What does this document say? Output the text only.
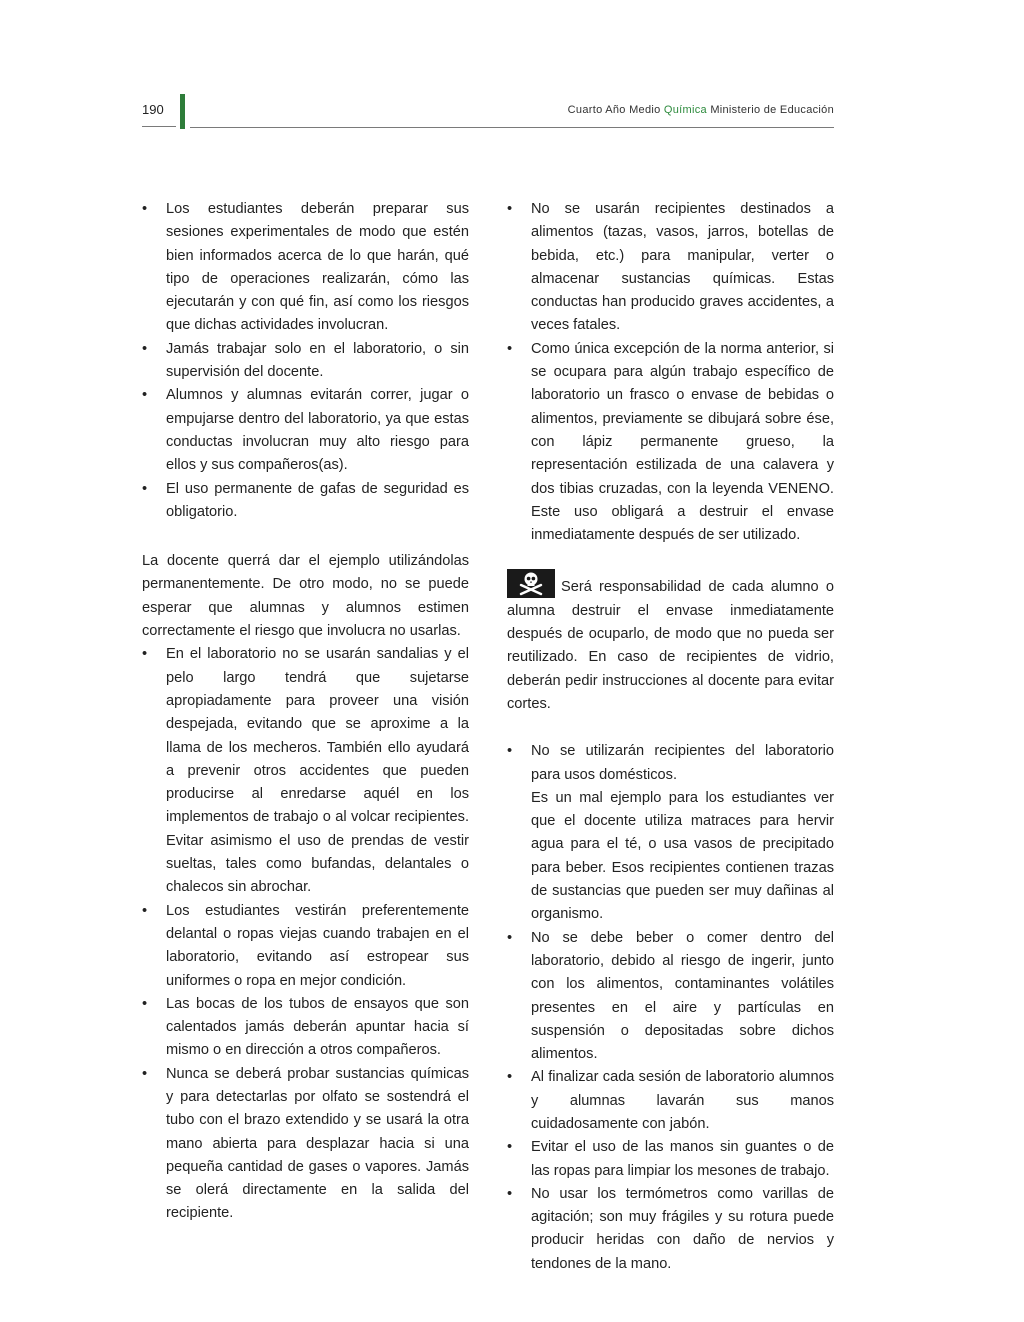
190	Cuarto Año Medio Química Ministerio de Educación
• Los estudiantes deberán preparar sus sesiones experimentales de modo que estén bien informados acerca de lo que harán, qué tipo de operaciones realizarán, cómo las ejecutarán y con qué fin, así como los riesgos que dichas actividades involucran.
• Jamás trabajar solo en el laboratorio, o sin supervisión del docente.
• Alumnos y alumnas evitarán correr, jugar o empujarse dentro del laboratorio, ya que estas conductas involucran muy alto riesgo para ellos y sus compañeros(as).
• El uso permanente de gafas de seguridad es obligatorio.

La docente querrá dar el ejemplo utilizándolas permanentemente. De otro modo, no se puede esperar que alumnas y alumnos estimen correctamente el riesgo que involucra no usarlas.

• En el laboratorio no se usarán sandalias y el pelo largo tendrá que sujetarse apropiadamente para proveer una visión despejada, evitando que se aproxime a la llama de los mecheros. También ello ayudará a prevenir otros accidentes que pueden producirse al enredarse aquél en los implementos de trabajo o al volcar recipientes. Evitar asimismo el uso de prendas de vestir sueltas, tales como bufandas, delantales o chalecos sin abrochar.
• Los estudiantes vestirán preferentemente delantal o ropas viejas cuando trabajen en el laboratorio, evitando así estropear sus uniformes o ropa en mejor condición.
• Las bocas de los tubos de ensayos que son calentados jamás deberán apuntar hacia sí mismo o en dirección a otros compañeros.
• Nunca se deberá probar sustancias químicas y para detectarlas por olfato se sostendrá el tubo con el brazo extendido y se usará la otra mano abierta para desplazar hacia si una pequeña cantidad de gases o vapores. Jamás se olerá directamente en la salida del recipiente.
• No se usarán recipientes destinados a alimentos (tazas, vasos, jarros, botellas de bebida, etc.) para manipular, verter o almacenar sustancias químicas. Estas conductas han producido graves accidentes, a veces fatales.
• Como única excepción de la norma anterior, si se ocupara para algún trabajo específico de laboratorio un frasco o envase de bebidas o alimentos, previamente se dibujará sobre ése, con lápiz permanente grueso, la representación estilizada de una calavera y dos tibias cruzadas, con la leyenda VENENO. Este uso obligará a destruir el envase inmediatamente después de ser utilizado.

Será responsabilidad de cada alumno o alumna destruir el envase inmediatamente después de ocuparlo, de modo que no pueda ser reutilizado. En caso de recipientes de vidrio, deberán pedir instrucciones al docente para evitar cortes.

• No se utilizarán recipientes del laboratorio para usos domésticos.

Es un mal ejemplo para los estudiantes ver que el docente utiliza matraces para hervir agua para el té, o usa vasos de precipitado para beber. Esos recipientes contienen trazas de sustancias que pueden ser muy dañinas al organismo.

• No se debe beber o comer dentro del laboratorio, debido al riesgo de ingerir, junto con los alimentos, contaminantes volátiles presentes en el aire y partículas en suspensión o depositadas sobre dichos alimentos.
• Al finalizar cada sesión de laboratorio alumnos y alumnas lavarán sus manos cuidadosamente con jabón.
• Evitar el uso de las manos sin guantes o de las ropas para limpiar los mesones de trabajo.
• No usar los termómetros como varillas de agitación; son muy frágiles y su rotura puede producir heridas con daño de nervios y tendones de la mano.
